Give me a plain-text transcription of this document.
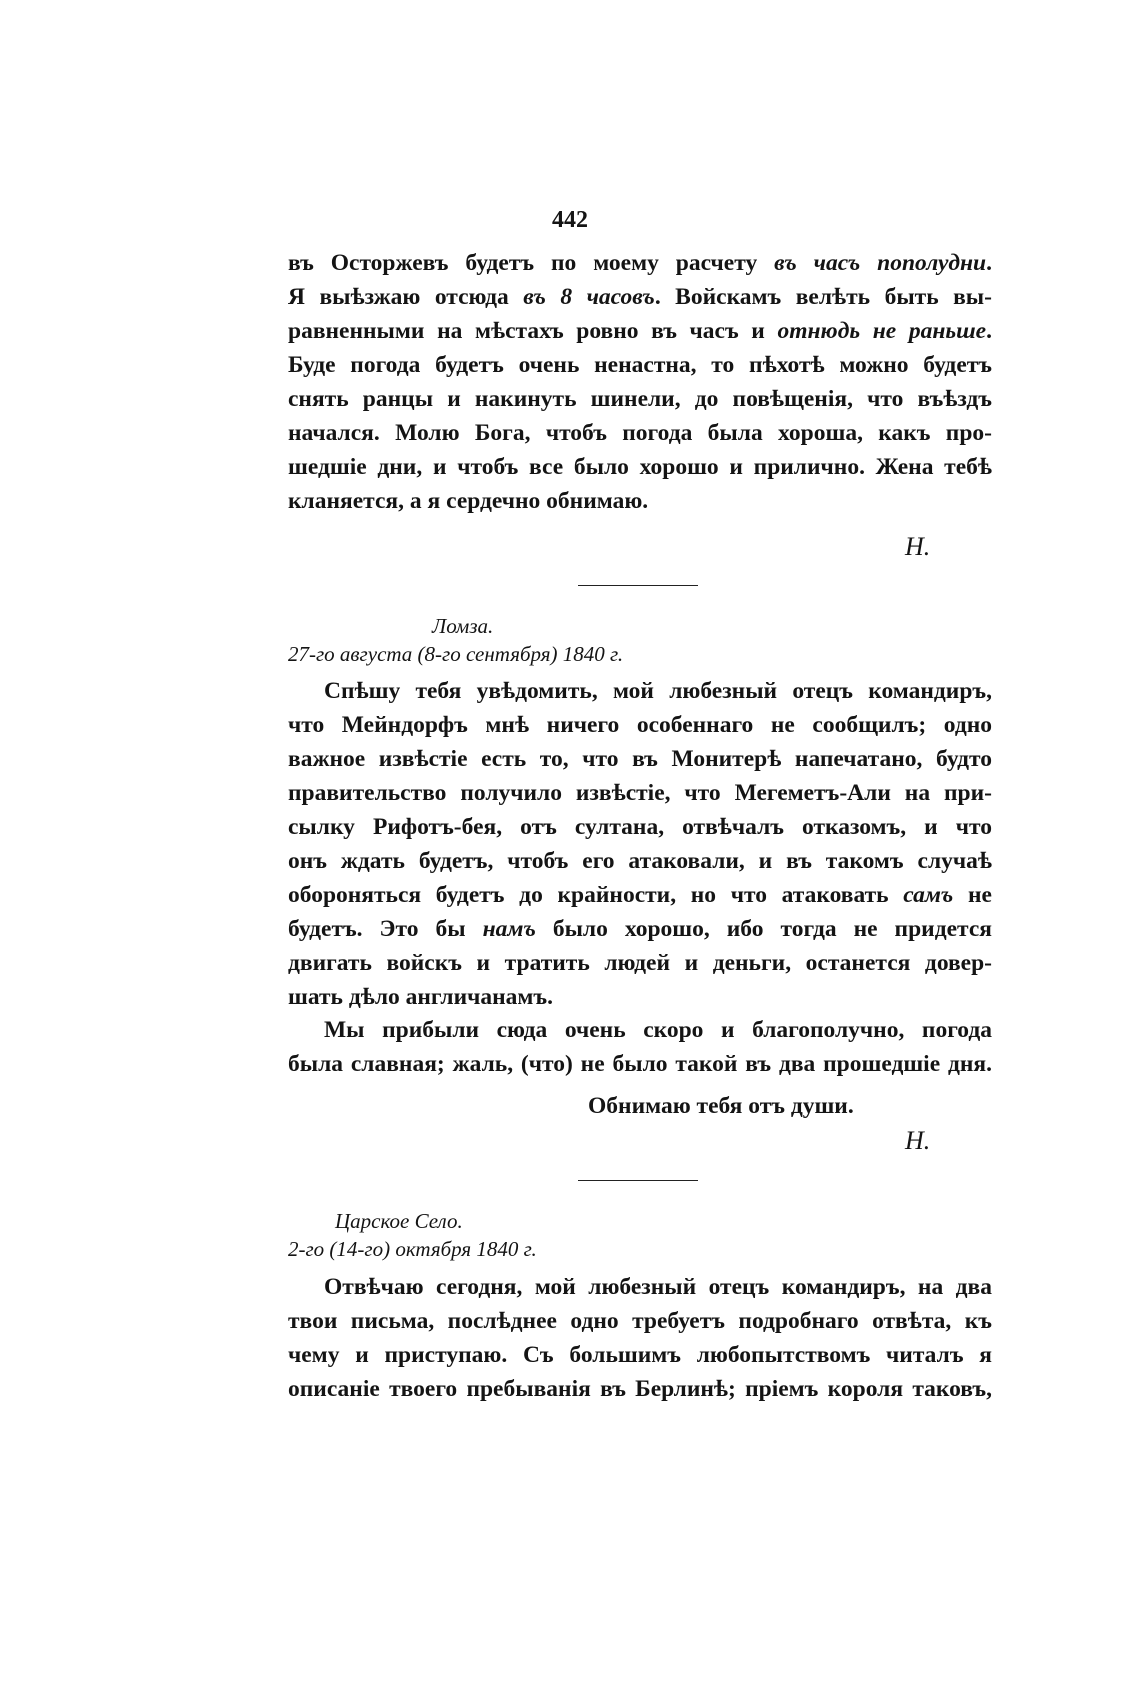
442
въ Осторжевъ будетъ по моему расчету въ часъ пополудни.
Я выѣзжаю отсюда въ 8 часовъ. Войскамъ велѣть быть вы-
равненными на мѣстахъ ровно въ часъ и отнюдь не раньше.
Буде погода будетъ очень ненастна, то пѣхотѣ можно будетъ
снять ранцы и накинуть шинели, до повѣщенія, что въѣздъ
начался. Молю Бога, чтобъ погода была хороша, какъ про-
шедшіе дни, и чтобъ все было хорошо и прилично. Жена тебѣ
кланяется, а я сердечно обнимаю.
Н.
Ломза.
27-го августа (8-го сентября) 1840 г.
Спѣшу тебя увѣдомить, мой любезный отецъ командиръ,
что Мейндорфъ мнѣ ничего особеннаго не сообщилъ; одно
важное извѣстіе есть то, что въ Монитерѣ напечатано, будто
правительство получило извѣстіе, что Мегеметъ-Али на при-
сылку Рифотъ-бея, отъ султана, отвѣчалъ отказомъ, и что
онъ ждать будетъ, чтобъ его атаковали, и въ такомъ случаѣ
обороняться будетъ до крайности, но что атаковать самъ не
будетъ. Это бы намъ было хорошо, ибо тогда не придется
двигать войскъ и тратить людей и деньги, останется довер-
шать дѣло англичанамъ.
Мы прибыли сюда очень скоро и благополучно, погода
была славная; жаль, (что) не было такой въ два прошедшіе дня.
Обнимаю тебя отъ души.
Н.
Царское Село.
2-го (14-го) октября 1840 г.
Отвѣчаю сегодня, мой любезный отецъ командиръ, на два
твои письма, послѣднее одно требуетъ подробнаго отвѣта, къ
чему и приступаю. Съ большимъ любопытствомъ читалъ я
описаніе твоего пребыванія въ Берлинѣ; пріемъ короля таковъ,
